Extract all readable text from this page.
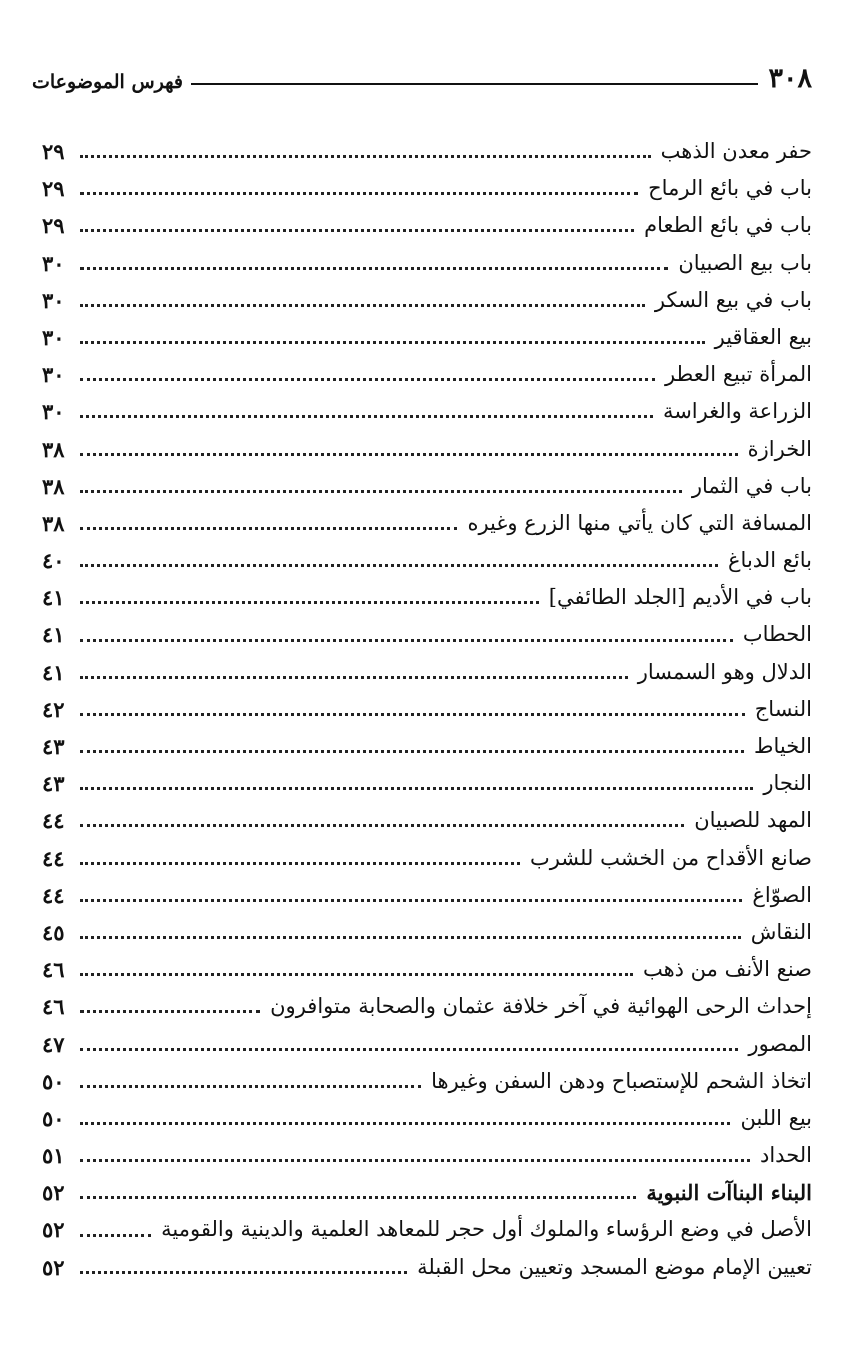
٣٠٨
فهرس الموضوعات
حفر معدن الذهب
٢٩
باب في بائع الرماح
٢٩
باب في بائع الطعام
٢٩
باب بيع الصبيان
٣٠
باب في بيع السكر
٣٠
بيع العقاقير
٣٠
المرأة تبيع العطر
٣٠
الزراعة والغراسة
٣٠
الخرازة
٣٨
باب في الثمار
٣٨
المسافة التي كان يأتي منها الزرع وغيره
٣٨
بائع الدباغ
٤٠
باب في الأديم [الجلد الطائفي]
٤١
الحطاب
٤١
الدلال وهو السمسار
٤١
النساج
٤٢
الخياط
٤٣
النجار
٤٣
المهد للصبيان
٤٤
صانع الأقداح من الخشب للشرب
٤٤
الصوّاغ
٤٤
النقاش
٤٥
صنع الأنف من ذهب
٤٦
إحداث الرحى الهوائية في آخر خلافة عثمان والصحابة متوافرون
٤٦
المصور
٤٧
اتخاذ الشحم للإستصباح ودهن السفن وغيرها
٥٠
بيع اللبن
٥٠
الحداد
٥١
البناء البناآت النبوية
٥٢
الأصل في وضع الرؤساء والملوك أول حجر للمعاهد العلمية والدينية والقومية
٥٢
تعيين الإمام موضع المسجد وتعيين محل القبلة
٥٢
